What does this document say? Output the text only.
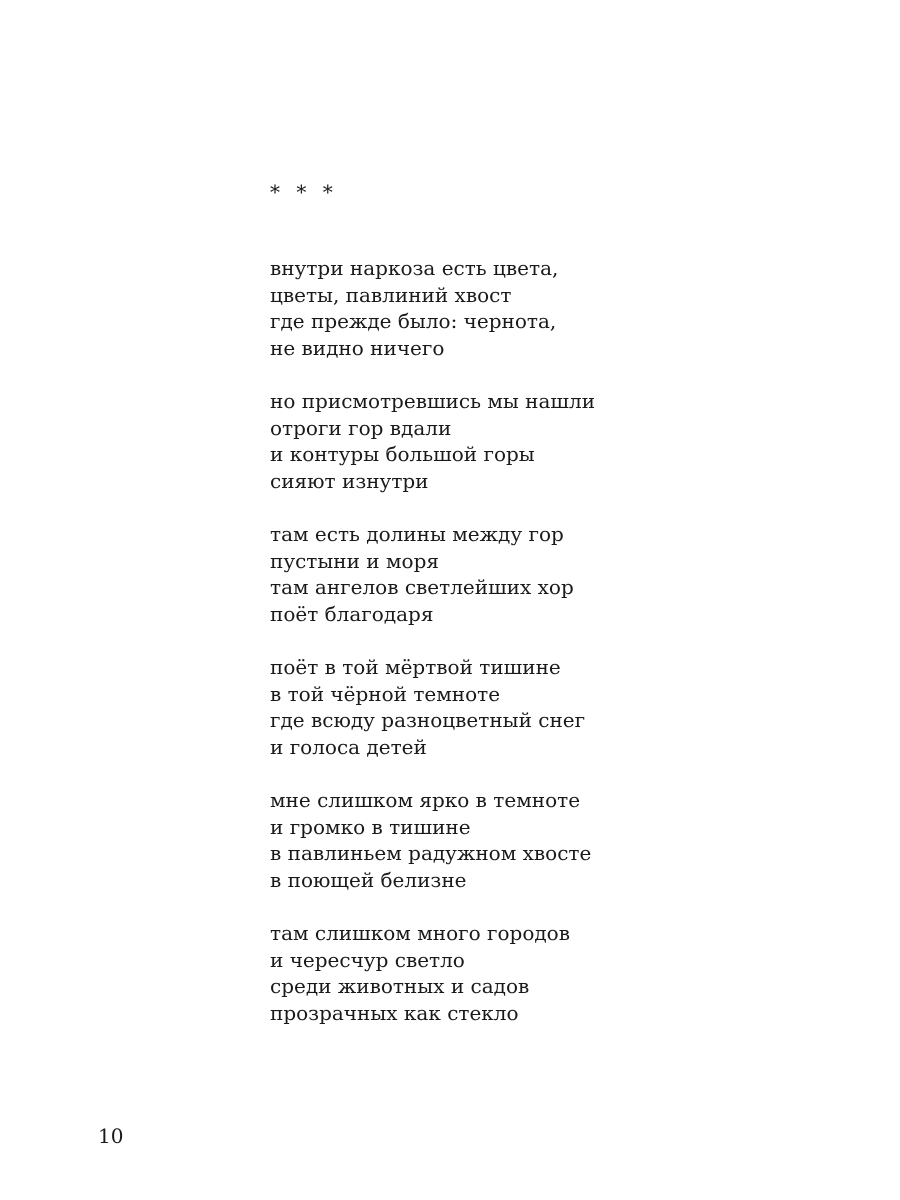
* * *
внутри наркоза есть цвета,
цветы, павлиний хвост
где прежде было: чернота,
не видно ничего
но присмотревшись мы нашли
отроги гор вдали
и контуры большой горы
сияют изнутри
там есть долины между гор
пустыни и моря
там ангелов светлейших хор
поёт благодаря
поёт в той мёртвой тишине
в той чёрной темноте
где всюду разноцветный снег
и голоса детей
мне слишком ярко в темноте
и громко в тишине
в павлиньем радужном хвосте
в поющей белизне
там слишком много городов
и чересчур светло
среди животных и садов
прозрачных как стекло
10
